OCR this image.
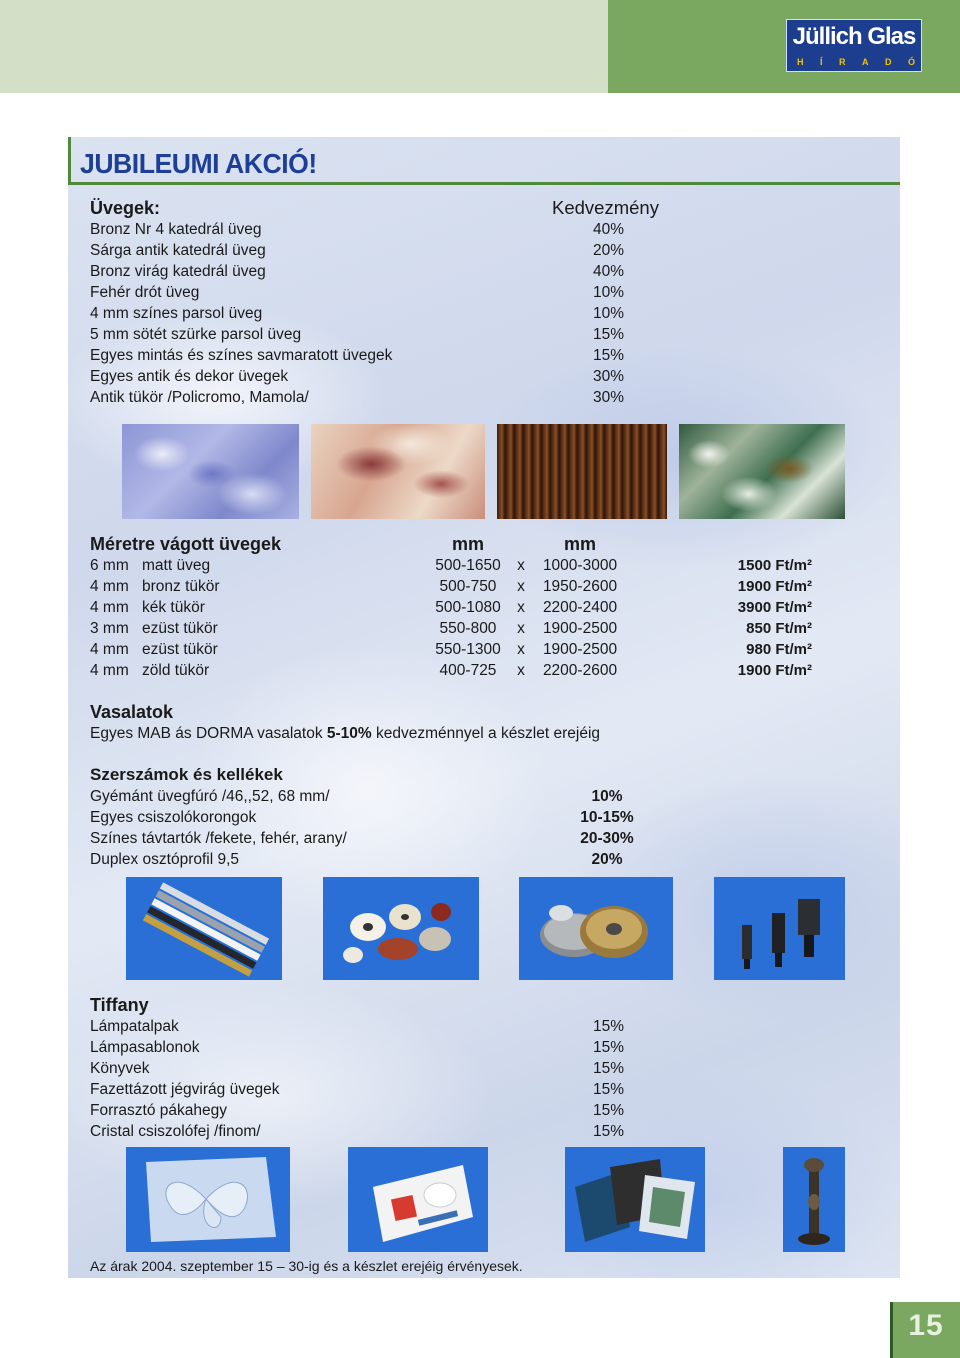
Jüllich Glas
H Í R A D Ó
JUBILEUMI AKCIÓ!
Üvegek:	Kedvezmény
Bronz Nr 4 katedrál üveg	40%
Sárga antik katedrál üveg	20%
Bronz virág katedrál üveg	40%
Fehér drót üveg	10%
4 mm színes parsol üveg	10%
5 mm sötét szürke parsol üveg	15%
Egyes mintás és színes savmaratott üvegek	15%
Egyes antik és dekor üvegek	30%
Antik tükör /Policromo, Mamola/	30%
Méretre vágott üvegek	mm	mm
6 mm matt üveg	500-1650	x	1000-3000	1500 Ft/m²
4 mm bronz tükör	500-750	x	1950-2600	1900 Ft/m²
4 mm kék tükör	500-1080	x	2200-2400	3900 Ft/m²
3 mm ezüst tükör	550-800	x	1900-2500	850 Ft/m²
4 mm ezüst tükör	550-1300	x	1900-2500	980 Ft/m²
4 mm zöld tükör	400-725	x	2200-2600	1900 Ft/m²
Vasalatok
Egyes MAB ás DORMA vasalatok 5-10% kedvezménnyel a készlet erejéig
Szerszámok és kellékek
Gyémánt üvegfúró /46,,52, 68 mm/	10%
Egyes csiszolókorongok	10-15%
Színes távtartók /fekete, fehér, arany/	20-30%
Duplex osztóprofil 9,5	20%
Tiffany
Lámpatalpak	15%
Lámpasablonok	15%
Könyvek	15%
Fazettázott jégvirág üvegek	15%
Forrasztó pákahegy	15%
Cristal csiszolófej /finom/	15%
Az árak 2004. szeptember 15 – 30-ig és a készlet erejéig érvényesek.
15
